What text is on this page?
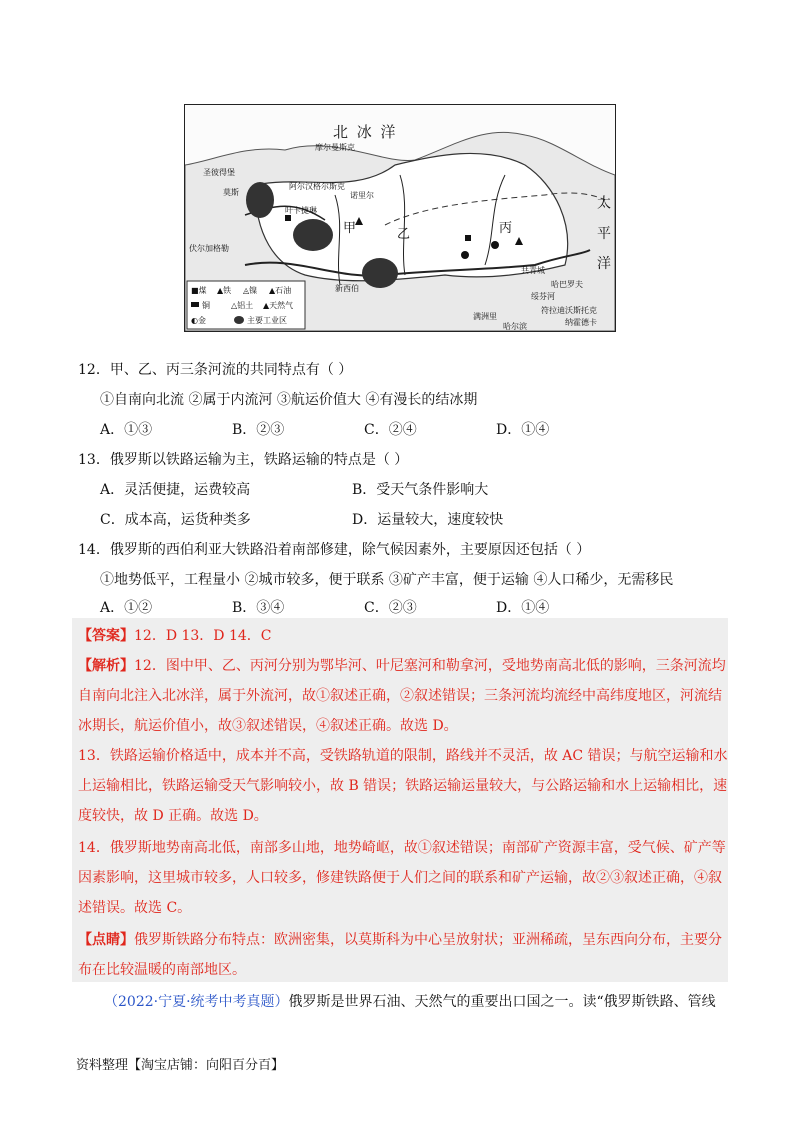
北 冰 洋
太 平 洋
摩尔曼斯克
圣彼得堡
阿尔汉格尔斯克
莫斯
伏尔加格勒
叶卡捷琳
新西伯
诺里尔
甲	乙	丙
共青城
哈巴罗夫
符拉迪沃斯托克
满洲里
哈尔滨
绥芬河
纳霍德卡
■煤 ▲铁 ◬镍 ▲石油
铜	△铝土 ▲天然气
◐金	主要工业区
12．甲、乙、丙三条河流的共同特点有（ ）
①自南向北流 ②属于内流河 ③航运价值大 ④有漫长的结冰期
A．①③	B．②③	C．②④	D．①④
13．俄罗斯以铁路运输为主，铁路运输的特点是（ ）
A．灵活便捷，运费较高	B．受天气条件影响大
C．成本高，运货种类多	D．运量较大，速度较快
14．俄罗斯的西伯利亚大铁路沿着南部修建，除气候因素外，主要原因还包括（ ）
①地势低平，工程量小 ②城市较多，便于联系 ③矿产丰富，便于运输 ④人口稀少，无需移民
A．①②	B．③④	C．②③	D．①④
【答案】12．D 13．D 14．C
【解析】12．图中甲、乙、丙河分别为鄂毕河、叶尼塞河和勒拿河，受地势南高北低的影响，三条河流均
自南向北注入北冰洋，属于外流河，故①叙述正确，②叙述错误；三条河流均流经中高纬度地区，河流结
冰期长，航运价值小，故③叙述错误，④叙述正确。故选 D。
13．铁路运输价格适中，成本并不高，受铁路轨道的限制，路线并不灵活，故 AC 错误；与航空运输和水
上运输相比，铁路运输受天气影响较小，故 B 错误；铁路运输运量较大，与公路运输和水上运输相比，速
度较快，故 D 正确。故选 D。
14．俄罗斯地势南高北低，南部多山地，地势崎岖，故①叙述错误；南部矿产资源丰富，受气候、矿产等
因素影响，这里城市较多，人口较多，修建铁路便于人们之间的联系和矿产运输，故②③叙述正确，④叙
述错误。故选 C。
【点睛】俄罗斯铁路分布特点：欧洲密集，以莫斯科为中心呈放射状；亚洲稀疏，呈东西向分布，主要分
布在比较温暖的南部地区。
（2022·宁夏·统考中考真题）俄罗斯是世界石油、天然气的重要出口国之一。读“俄罗斯铁路、管线
资料整理【淘宝店铺：向阳百分百】
